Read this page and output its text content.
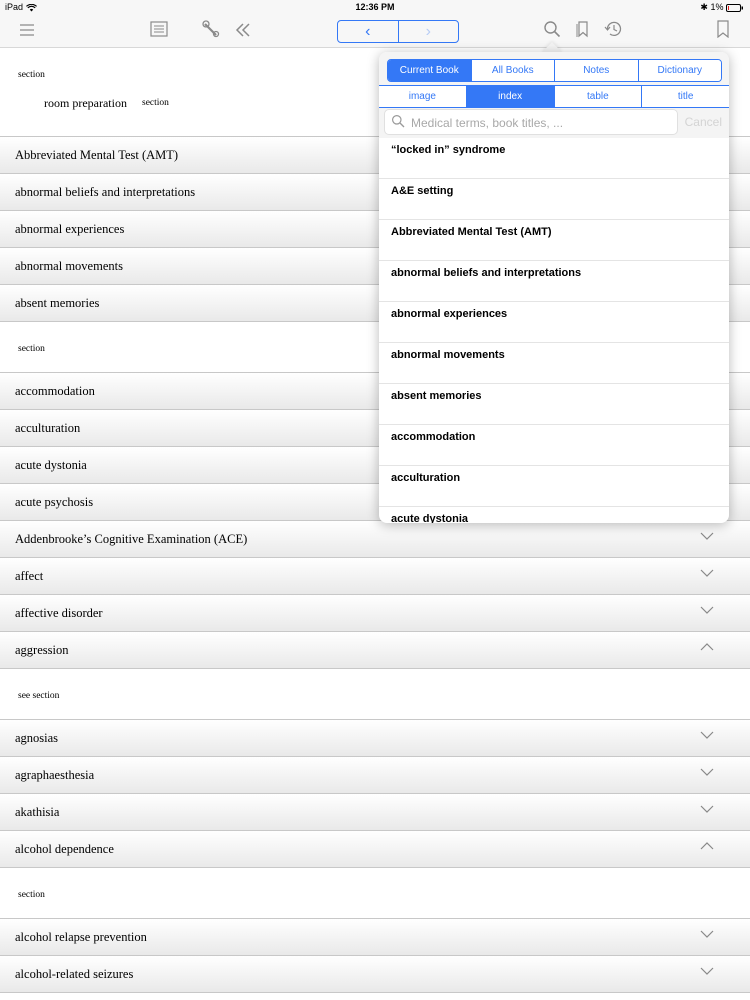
iPad	12:36 PM	✱ 1%
‹	›
section
room preparation section
Abbreviated Mental Test (AMT)
abnormal beliefs and interpretations
abnormal experiences
abnormal movements
absent memories
section
accommodation
acculturation
acute dystonia
acute psychosis
Addenbrooke’s Cognitive Examination (ACE)
affect
affective disorder
aggression
see section
agnosias
agraphaesthesia
akathisia
alcohol dependence
section
alcohol relapse prevention
alcohol-related seizures
Current Book	All Books	Notes	Dictionary
image	index	table	title
Medical terms, book titles, ...
Cancel
“locked in” syndrome
A&E setting
Abbreviated Mental Test (AMT)
abnormal beliefs and interpretations
abnormal experiences
abnormal movements
absent memories
accommodation
acculturation
acute dystonia
